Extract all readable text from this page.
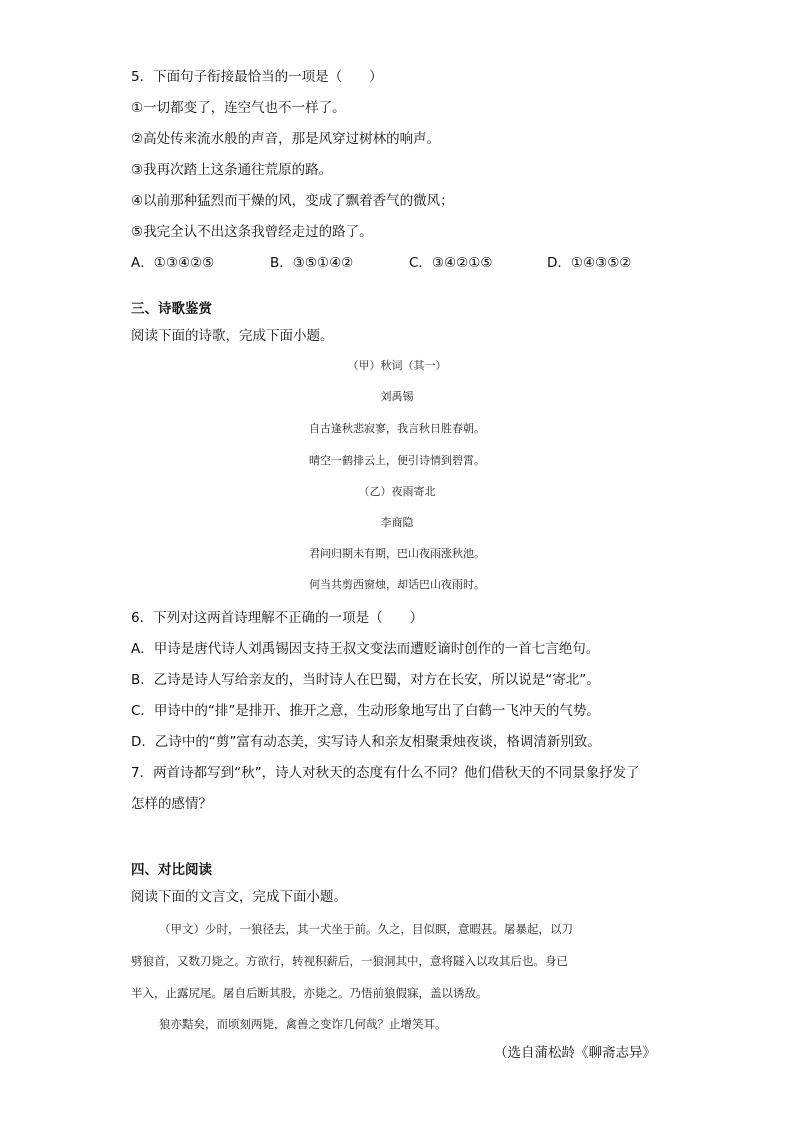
5．下面句子衔接最恰当的一项是（　　）
①一切都变了，连空气也不一样了。
②高处传来流水般的声音，那是风穿过树林的响声。
③我再次踏上这条通往荒原的路。
④以前那种猛烈而干燥的风，变成了飘着香气的微风；
⑤我完全认不出这条我曾经走过的路了。
A．①③④②⑤	B．③⑤①④②	C．③④②①⑤	D．①④③⑤②
三、诗歌鉴赏
阅读下面的诗歌，完成下面小题。
（甲）秋词（其一）
刘禹锡
自古逢秋悲寂寥，我言秋日胜春朝。
晴空一鹤排云上，便引诗情到碧霄。
（乙）夜雨寄北
李商隐
君问归期未有期，巴山夜雨涨秋池。
何当共剪西窗烛，却话巴山夜雨时。
6．下列对这两首诗理解不正确的一项是（　　）
A．甲诗是唐代诗人刘禹锡因支持王叔文变法而遭贬谪时创作的一首七言绝句。
B．乙诗是诗人写给亲友的，当时诗人在巴蜀，对方在长安，所以说是“寄北”。
C．甲诗中的“排”是排开、推开之意，生动形象地写出了白鹤一飞冲天的气势。
D．乙诗中的“剪”富有动态美，实写诗人和亲友相聚秉烛夜谈，格调清新别致。
7．两首诗都写到“秋”，诗人对秋天的态度有什么不同？他们借秋天的不同景象抒发了
怎样的感情？
四、对比阅读
阅读下面的文言文，完成下面小题。
（甲文）少时，一狼径去，其一犬坐于前。久之，目似瞑，意暇甚。屠暴起，以刀
劈狼首，又数刀毙之。方欲行，转视积薪后，一狼洞其中，意将隧入以攻其后也。身已
半入，止露尻尾。屠自后断其股，亦毙之。乃悟前狼假寐，盖以诱敌。
狼亦黠矣，而顷刻两毙，禽兽之变诈几何哉？止增笑耳。
（选自蒲松龄《聊斋志异》
